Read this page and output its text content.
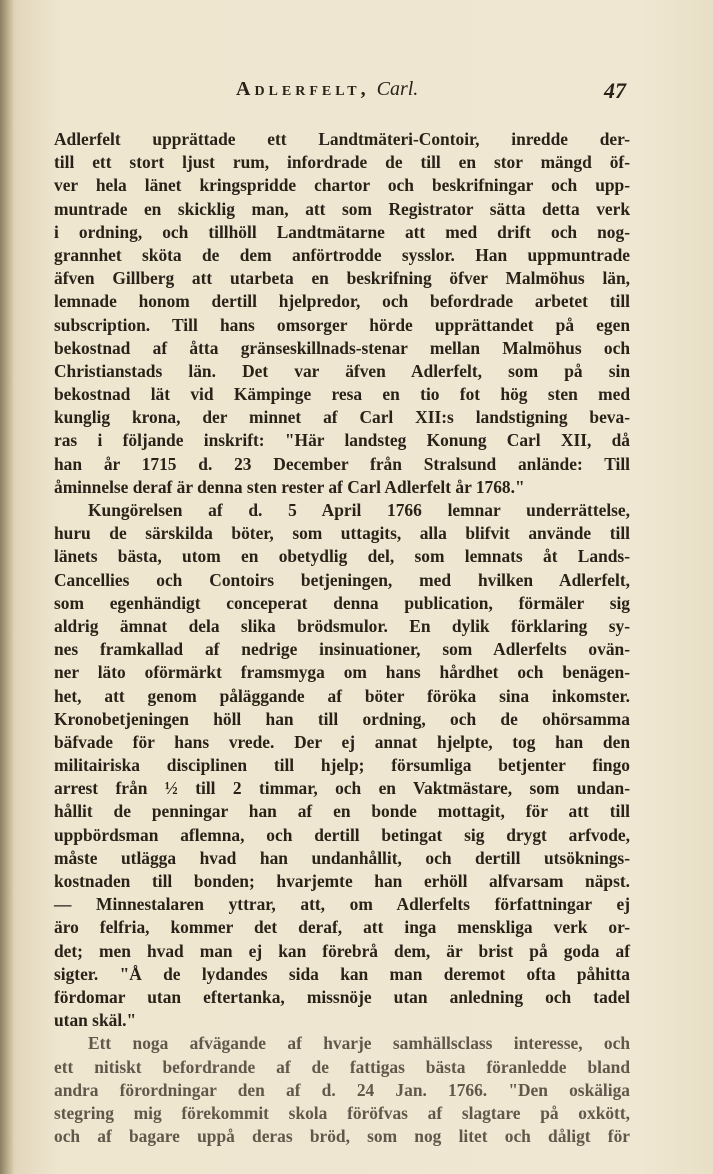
Adlerfelt, Carl.	47
Adlerfelt upprättade ett Landtmäteri-Contoir, inredde der-
till ett stort ljust rum, infordrade de till en stor mängd öf-
ver hela länet kringspridde chartor och beskrifningar och upp-
muntrade en skicklig man, att som Registrator sätta detta verk
i ordning, och tillhöll Landtmätarne att med drift och nog-
grannhet sköta de dem anförtrodde sysslor. Han uppmuntrade
äfven Gillberg att utarbeta en beskrifning öfver Malmöhus län,
lemnade honom dertill hjelpredor, och befordrade arbetet till
subscription. Till hans omsorger hörde upprättandet på egen
bekostnad af åtta gränseskillnads-stenar mellan Malmöhus och
Christianstads län. Det var äfven Adlerfelt, som på sin
bekostnad lät vid Kämpinge resa en tio fot hög sten med
kunglig krona, der minnet af Carl XII:s landstigning beva-
ras i följande inskrift: "Här landsteg Konung Carl XII, då
han år 1715 d. 23 December från Stralsund anlände: Till
åminnelse deraf är denna sten rester af Carl Adlerfelt år 1768."
Kungörelsen af d. 5 April 1766 lemnar underrättelse,
huru de särskilda böter, som uttagits, alla blifvit använde till
länets bästa, utom en obetydlig del, som lemnats åt Lands-
Cancellies och Contoirs betjeningen, med hvilken Adlerfelt,
som egenhändigt conceperat denna publication, förmäler sig
aldrig ämnat dela slika brödsmulor. En dylik förklaring sy-
nes framkallad af nedrige insinuationer, som Adlerfelts ovän-
ner läto oförmärkt framsmyga om hans hårdhet och benägen-
het, att genom påläggande af böter föröka sina inkomster.
Kronobetjeningen höll han till ordning, och de ohörsamma
bäfvade för hans vrede. Der ej annat hjelpte, tog han den
militairiska disciplinen till hjelp; försumliga betjenter fingo
arrest från ½ till 2 timmar, och en Vaktmästare, som undan-
hållit de penningar han af en bonde mottagit, för att till
uppbördsman aflemna, och dertill betingat sig drygt arfvode,
måste utlägga hvad han undanhållit, och dertill utsöknings-
kostnaden till bonden; hvarjemte han erhöll alfvarsam näpst.
— Minnestalaren yttrar, att, om Adlerfelts författningar ej
äro felfria, kommer det deraf, att inga menskliga verk or-
det; men hvad man ej kan förebrå dem, är brist på goda af
sigter. "Å de lydandes sida kan man deremot ofta påhitta
fördomar utan eftertanka, missnöje utan anledning och tadel
utan skäl."
Ett noga afvägande af hvarje samhällsclass interesse, och
ett nitiskt befordrande af de fattigas bästa föranledde bland
andra förordningar den af d. 24 Jan. 1766. "Den oskäliga
stegring mig förekommit skola föröfvas af slagtare på oxkött,
och af bagare uppå deras bröd, som nog litet och dåligt för
